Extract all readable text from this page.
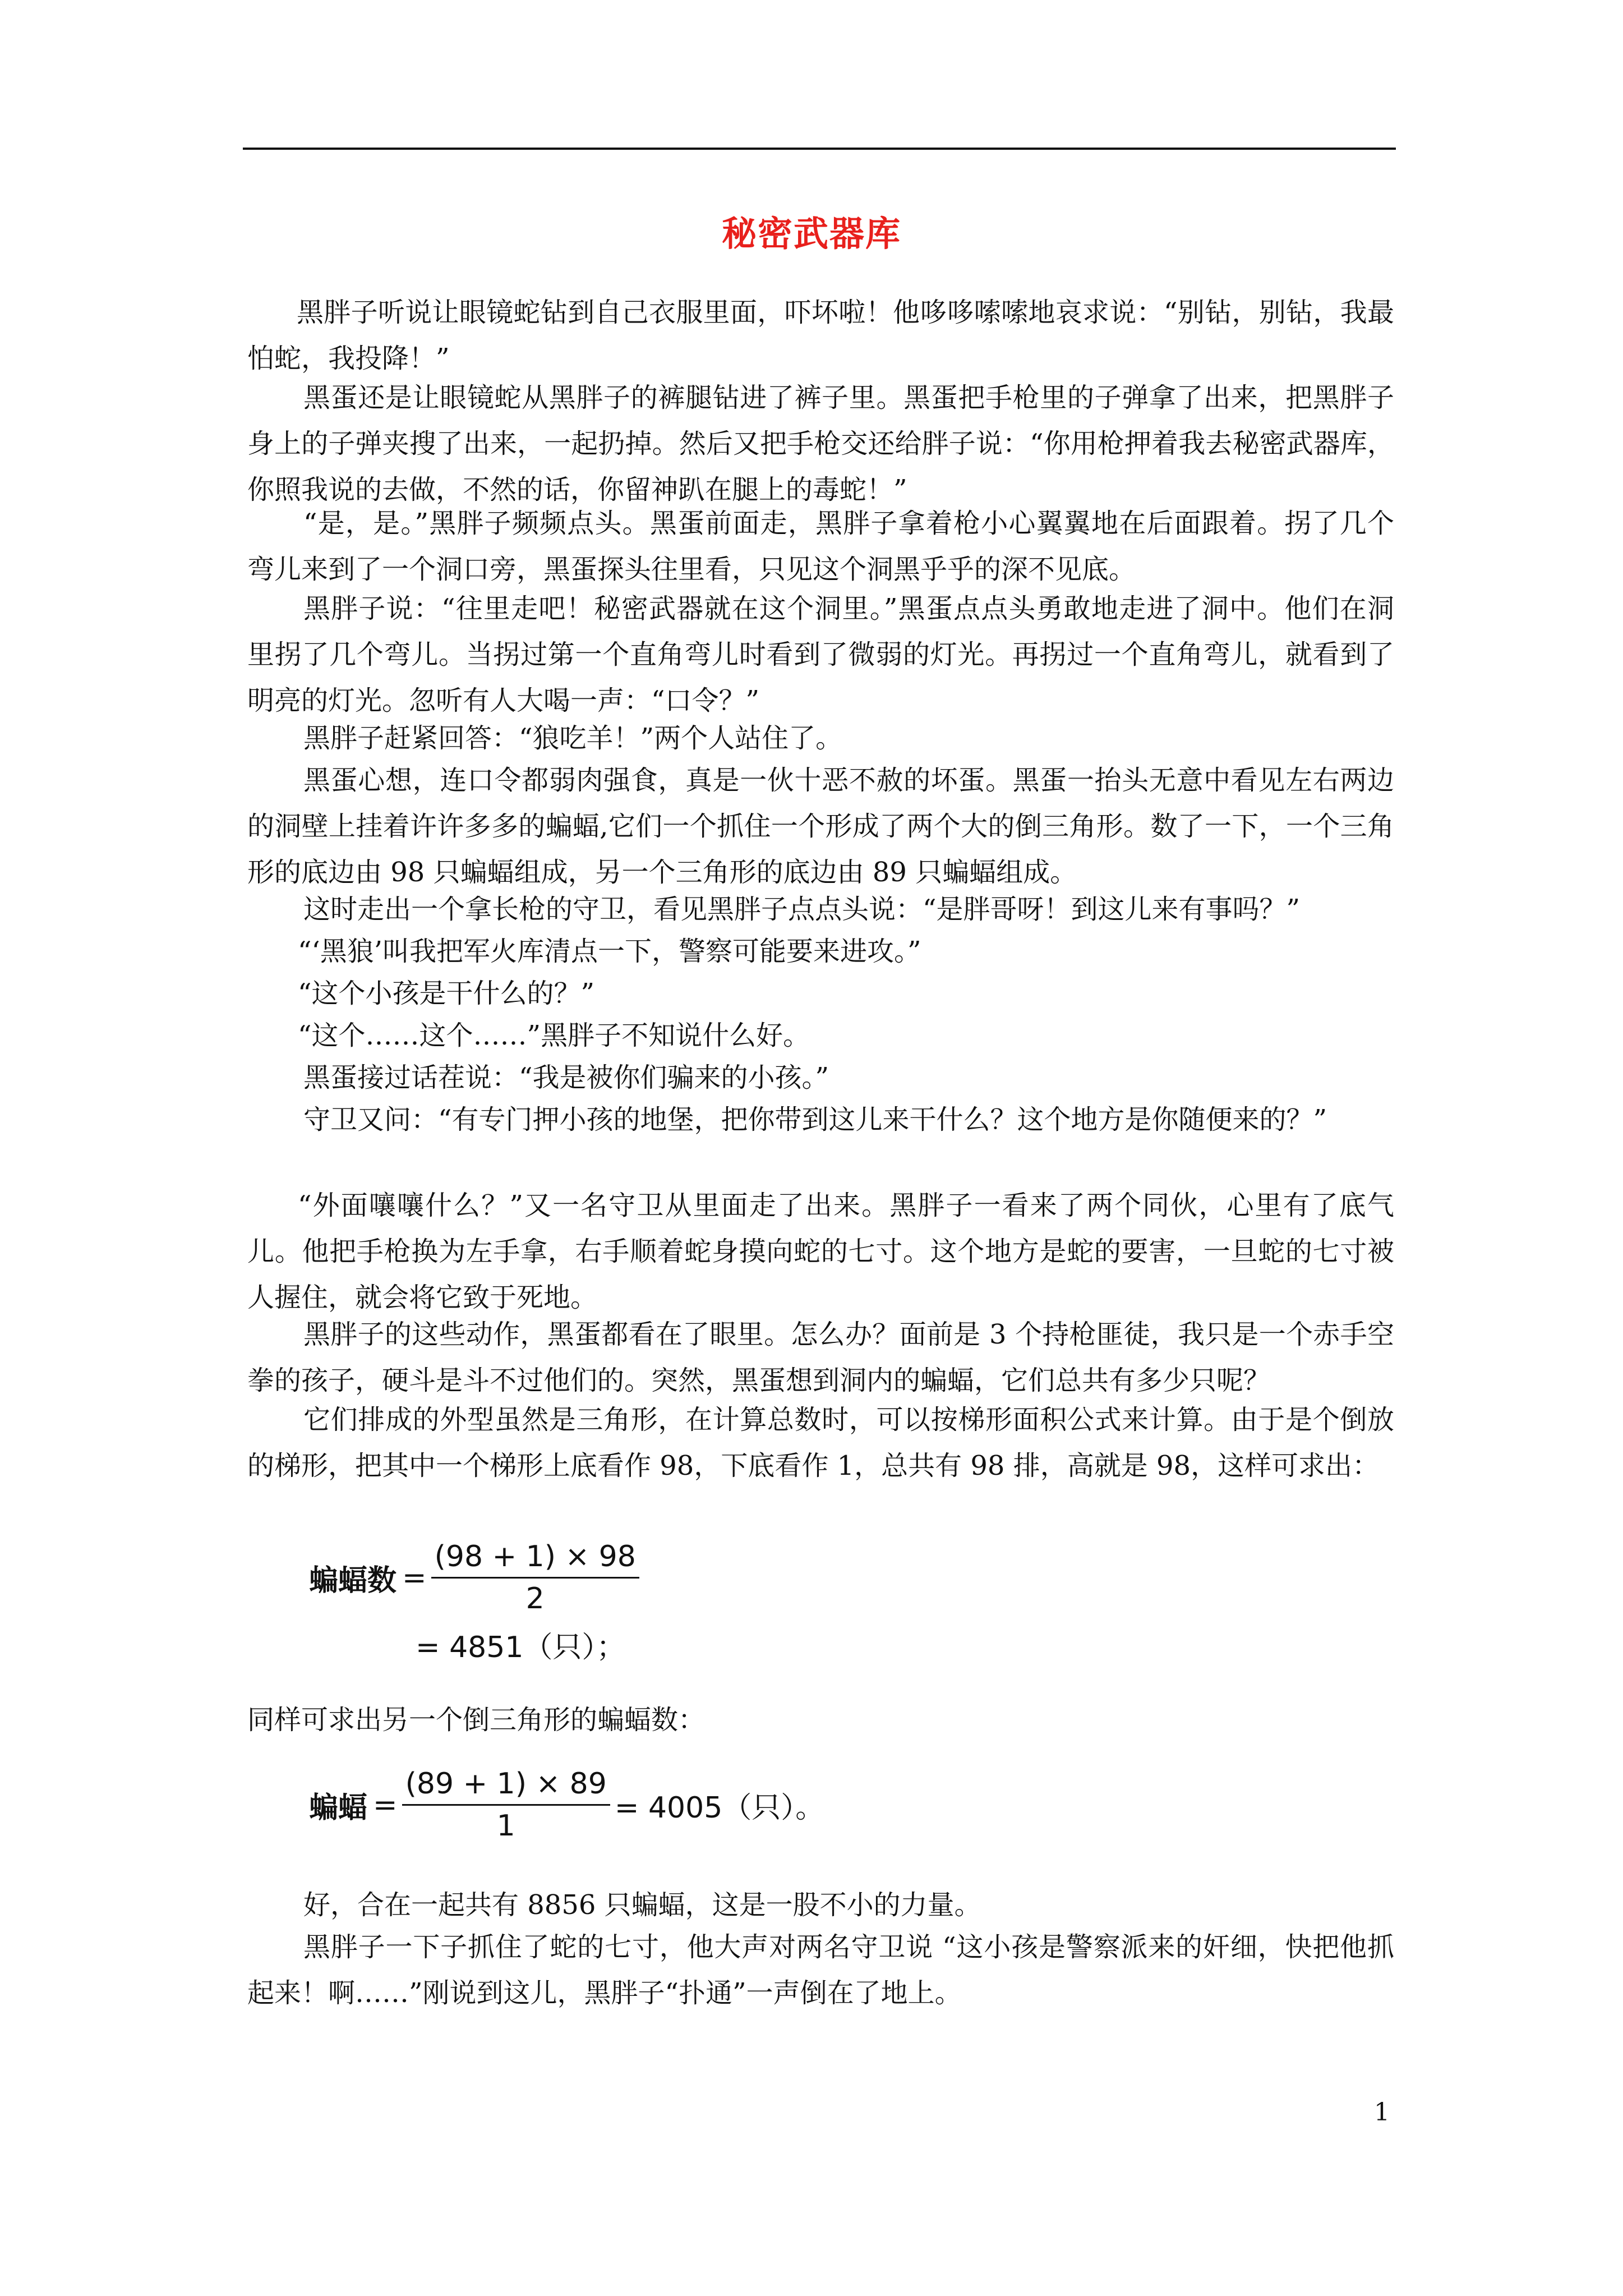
秘密武器库

黑胖子听说让眼镜蛇钻到自己衣服里面，吓坏啦！他哆哆嗦嗦地哀求说：“别钻，别钻，我最怕蛇，我投降！”

黑蛋还是让眼镜蛇从黑胖子的裤腿钻进了裤子里。黑蛋把手枪里的子弹拿了出来，把黑胖子身上的子弹夹搜了出来，一起扔掉。然后又把手枪交还给胖子说：“你用枪押着我去秘密武器库，你照我说的去做，不然的话，你留神趴在腿上的毒蛇！”

“是，是。”黑胖子频频点头。黑蛋前面走，黑胖子拿着枪小心翼翼地在后面跟着。拐了几个弯儿来到了一个洞口旁，黑蛋探头往里看，只见这个洞黑乎乎的深不见底。

黑胖子说：“往里走吧！秘密武器就在这个洞里。”黑蛋点点头勇敢地走进了洞中。他们在洞里拐了几个弯儿。当拐过第一个直角弯儿时看到了微弱的灯光。再拐过一个直角弯儿，就看到了明亮的灯光。忽听有人大喝一声：“口令？”

黑胖子赶紧回答：“狼吃羊！”两个人站住了。

黑蛋心想，连口令都弱肉强食，真是一伙十恶不赦的坏蛋。黑蛋一抬头无意中看见左右两边的洞壁上挂着许许多多的蝙蝠,它们一个抓住一个形成了两个大的倒三角形。数了一下，一个三角形的底边由 98 只蝙蝠组成，另一个三角形的底边由 89 只蝙蝠组成。

这时走出一个拿长枪的守卫，看见黑胖子点点头说：“是胖哥呀！到这儿来有事吗？”

“‘黑狼’叫我把军火库清点一下，警察可能要来进攻。”

“这个小孩是干什么的？”

“这个……这个……”黑胖子不知说什么好。

黑蛋接过话茬说：“我是被你们骗来的小孩。”

守卫又问：“有专门押小孩的地堡，把你带到这儿来干什么？这个地方是你随便来的？”

“外面嚷嚷什么？”又一名守卫从里面走了出来。黑胖子一看来了两个同伙，心里有了底气儿。他把手枪换为左手拿，右手顺着蛇身摸向蛇的七寸。这个地方是蛇的要害，一旦蛇的七寸被人握住，就会将它致于死地。

黑胖子的这些动作，黑蛋都看在了眼里。怎么办？面前是 3 个持枪匪徒，我只是一个赤手空拳的孩子，硬斗是斗不过他们的。突然，黑蛋想到洞内的蝙蝠，它们总共有多少只呢？

它们排成的外型虽然是三角形，在计算总数时，可以按梯形面积公式来计算。由于是个倒放的梯形，把其中一个梯形上底看作 98，下底看作 1，总共有 98 排，高就是 98，这样可求出：

蝙蝠数 = $\frac{(98 + 1) \times 98}{2}$
= 4851（只）；

同样可求出另一个倒三角形的蝙蝠数：

蝙蝠 = $\frac{(89 + 1) \times 89}{1} = 4005$（只）。

好，合在一起共有 8856 只蝙蝠，这是一股不小的力量。

黑胖子一下子抓住了蛇的七寸，他大声对两名守卫说 “这小孩是警察派来的奸细，快把他抓起来！啊……”刚说到这儿，黑胖子“扑通”一声倒在了地上。

1
